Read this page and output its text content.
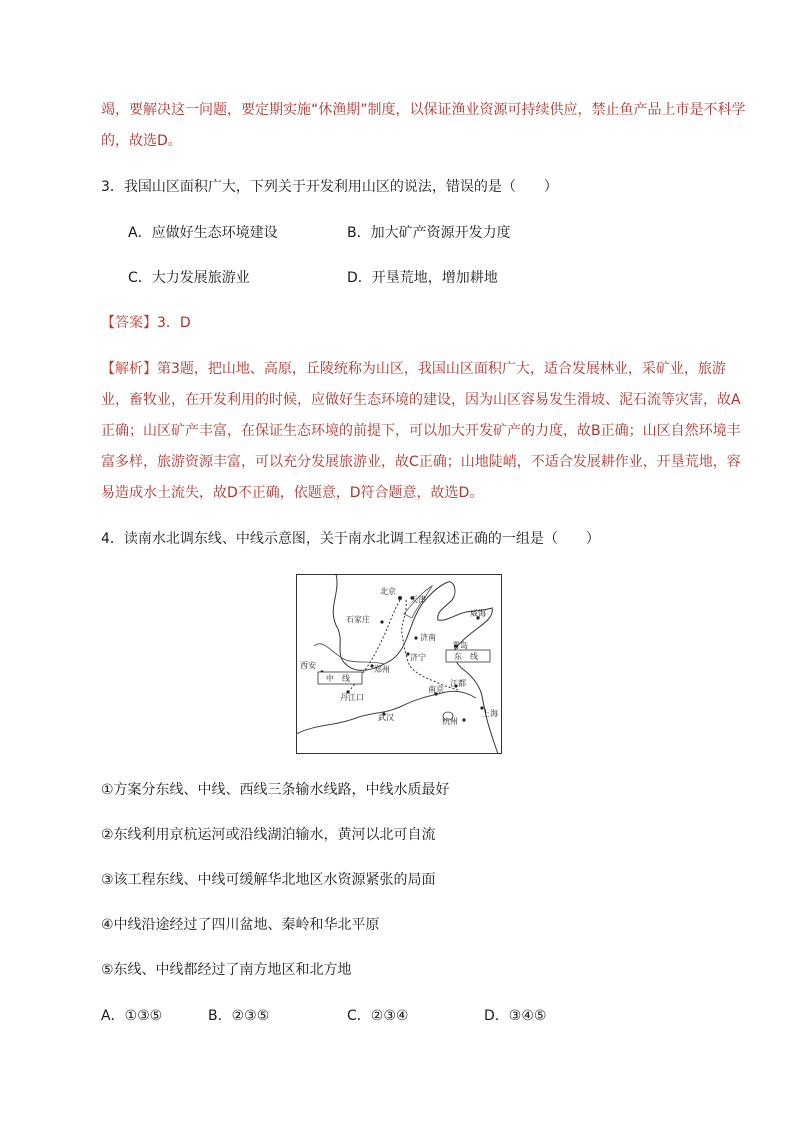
竭，要解决这一问题，要定期实施“休渔期”制度，以保证渔业资源可持续供应，禁止鱼产品上市是不科学
的，故选D。
3．我国山区面积广大，下列关于开发利用山区的说法，错误的是（　　）
A．应做好生态环境建设	B．加大矿产资源开发力度
C．大力发展旅游业	D．开垦荒地，增加耕地
【答案】3．D
【解析】第3题，把山地、高原，丘陵统称为山区，我国山区面积广大，适合发展林业，采矿业，旅游
业，畜牧业，在开发利用的时候，应做好生态环境的建设，因为山区容易发生滑坡、泥石流等灾害，故A
正确；山区矿产丰富，在保证生态环境的前提下，可以加大开发矿产的力度，故B正确；山区自然环境丰
富多样，旅游资源丰富，可以充分发展旅游业，故C正确；山地陡峭，不适合发展耕作业，开垦荒地，容
易造成水土流失，故D不正确，依题意，D符合题意，故选D。
4．读南水北调东线、中线示意图，关于南水北调工程叙述正确的一组是（　　）
北京
天津
石家庄
威海
济南
青岛
济宁
西安	郑州
丹江口
南京
江都
武汉	上海
杭州
东　线
中　线
①方案分东线、中线、西线三条输水线路，中线水质最好
②东线利用京杭运河或沿线湖泊输水，黄河以北可自流
③该工程东线、中线可缓解华北地区水资源紧张的局面
④中线沿途经过了四川盆地、秦岭和华北平原
⑤东线、中线都经过了南方地区和北方地
A．①③⑤	B．②③⑤	C．②③④	D．③④⑤
